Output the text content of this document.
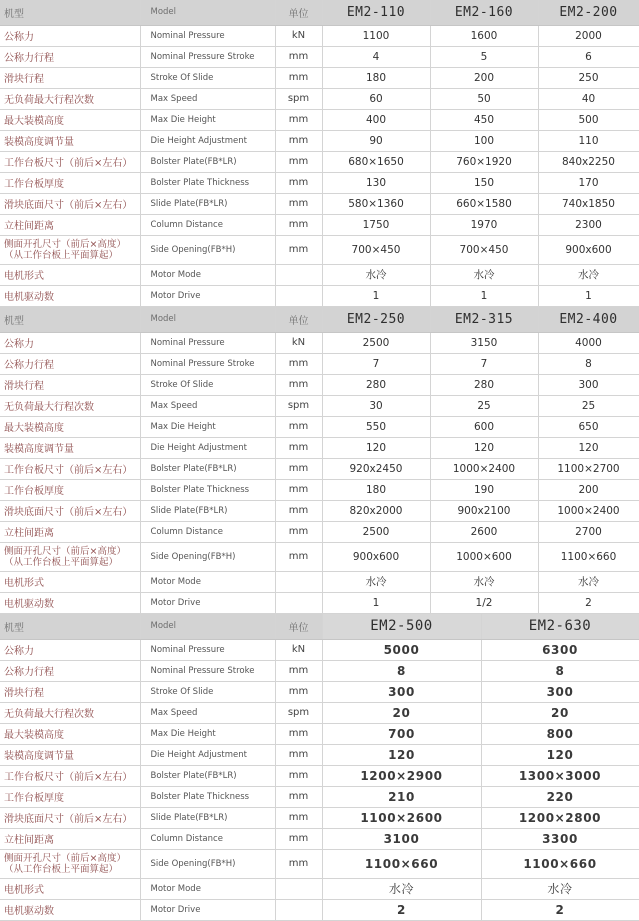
机型	Model	单位	EM2-110	EM2-160	EM2-200
公称力	Nominal Pressure	kN	1100	1600	2000
公称力行程	Nominal Pressure Stroke	mm	4	5	6
滑块行程	Stroke Of Slide	mm	180	200	250
无负荷最大行程次数	Max Speed	spm	60	50	40
最大装模高度	Max Die Height	mm	400	450	500
装模高度调节量	Die Height Adjustment	mm	90	100	110
工作台板尺寸（前后×左右）	Bolster Plate(FB*LR)	mm	680×1650	760×1920	840x2250
工作台板厚度	Bolster Plate Thickness	mm	130	150	170
滑块底面尺寸（前后×左右）	Slide Plate(FB*LR)	mm	580×1360	660×1580	740x1850
立柱间距离	Column Distance	mm	1750	1970	2300
侧面开孔尺寸（前后×高度）（从工作台板上平面算起）	Side Opening(FB*H)	mm	700×450	700×450	900x600
电机形式	Motor Mode		水冷	水冷	水冷
电机驱动数	Motor Drive		1	1	1
机型	Model	单位	EM2-250	EM2-315	EM2-400
公称力	Nominal Pressure	kN	2500	3150	4000
公称力行程	Nominal Pressure Stroke	mm	7	7	8
滑块行程	Stroke Of Slide	mm	280	280	300
无负荷最大行程次数	Max Speed	spm	30	25	25
最大装模高度	Max Die Height	mm	550	600	650
装模高度调节量	Die Height Adjustment	mm	120	120	120
工作台板尺寸（前后×左右）	Bolster Plate(FB*LR)	mm	920x2450	1000×2400	1100×2700
工作台板厚度	Bolster Plate Thickness	mm	180	190	200
滑块底面尺寸（前后×左右）	Slide Plate(FB*LR)	mm	820x2000	900x2100	1000×2400
立柱间距离	Column Distance	mm	2500	2600	2700
侧面开孔尺寸（前后×高度）（从工作台板上平面算起）	Side Opening(FB*H)	mm	900x600	1000×600	1100×660
电机形式	Motor Mode		水冷	水冷	水冷
电机驱动数	Motor Drive		1	1/2	2
机型	Model	单位	EM2-500	EM2-630
公称力	Nominal Pressure	kN	5000	6300
公称力行程	Nominal Pressure Stroke	mm	8	8
滑块行程	Stroke Of Slide	mm	300	300
无负荷最大行程次数	Max Speed	spm	20	20
最大装模高度	Max Die Height	mm	700	800
装模高度调节量	Die Height Adjustment	mm	120	120
工作台板尺寸（前后×左右）	Bolster Plate(FB*LR)	mm	1200×2900	1300×3000
工作台板厚度	Bolster Plate Thickness	mm	210	220
滑块底面尺寸（前后×左右）	Slide Plate(FB*LR)	mm	1100×2600	1200×2800
立柱间距离	Column Distance	mm	3100	3300
侧面开孔尺寸（前后×高度）（从工作台板上平面算起）	Side Opening(FB*H)	mm	1100×660	1100×660
电机形式	Motor Mode		水冷	水冷
电机驱动数	Motor Drive		2	2
